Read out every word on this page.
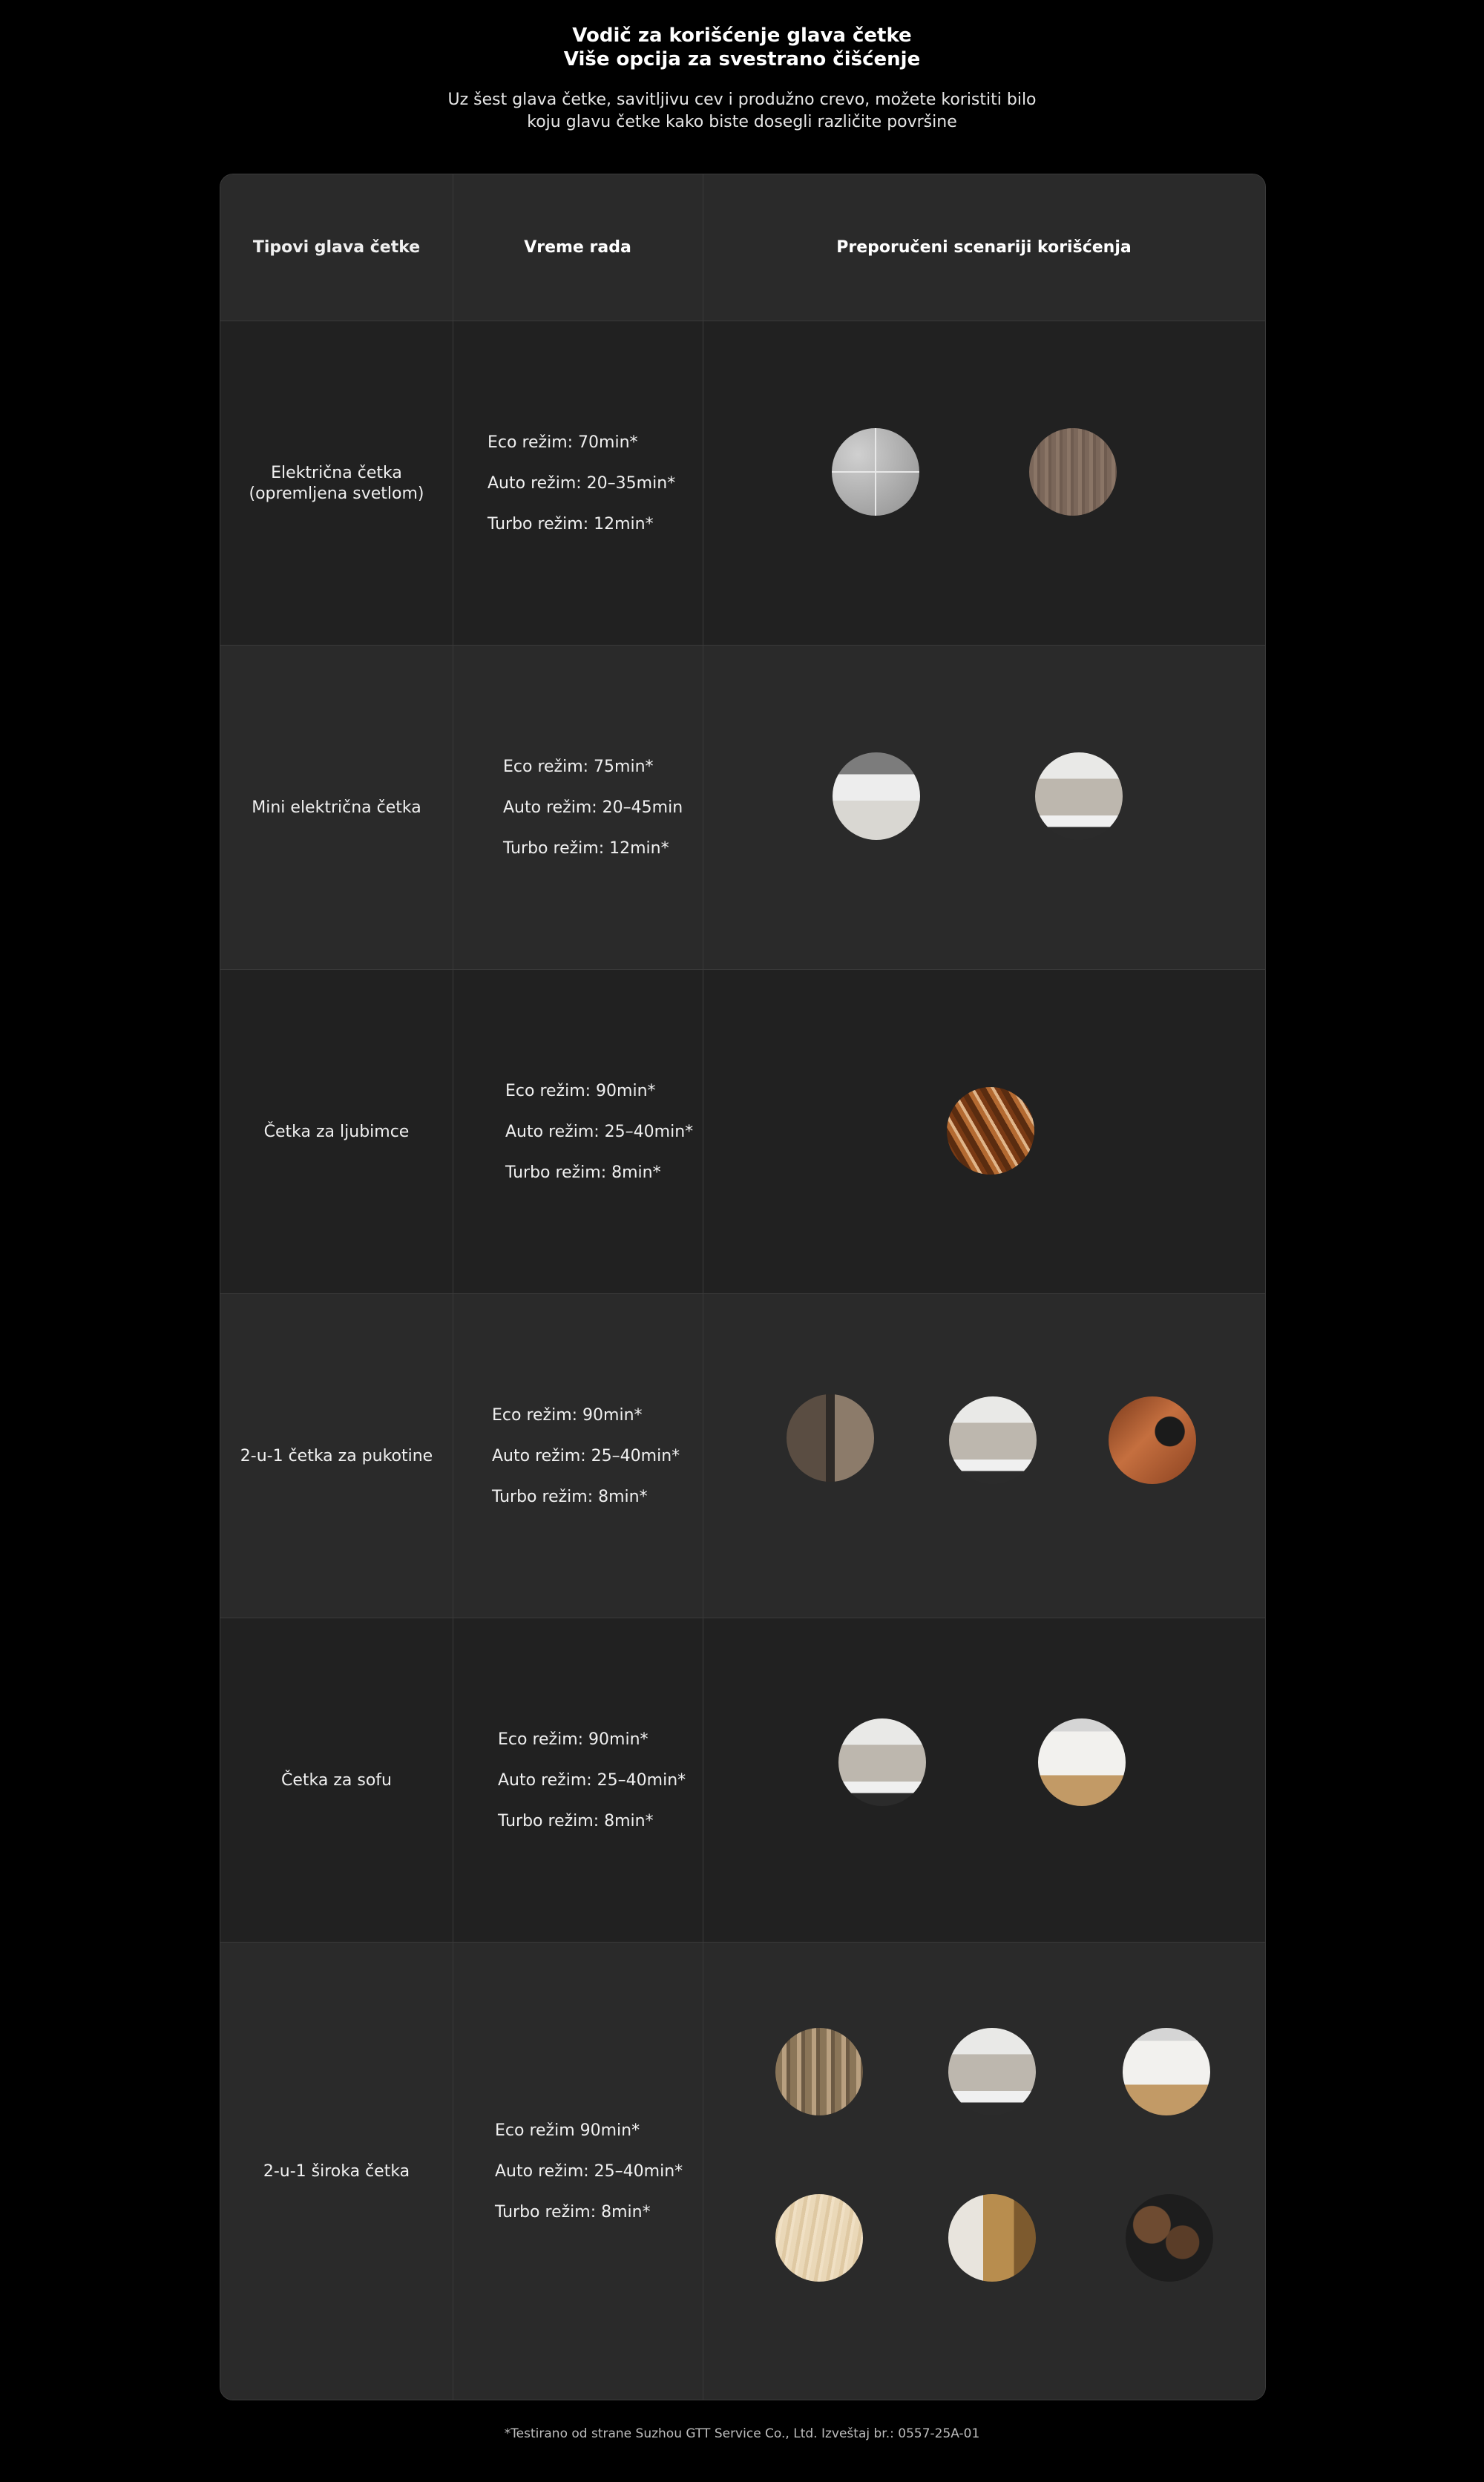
Vodič za korišćenje glava četke
Više opcija za svestrano čišćenje
Uz šest glava četke, savitljivu cev i produžno crevo, možete koristiti bilo
koju glavu četke kako biste dosegli različite površine
Tipovi glava četke	Vreme rada	Preporučeni scenariji korišćenja
Električna četka
(opremljena svetlom)
Eco režim: 70min*
Auto režim: 20–35min*
Turbo režim: 12min*
Mini električna četka
Eco režim: 75min*
Auto režim: 20–45min
Turbo režim: 12min*
Četka za ljubimce
Eco režim: 90min*
Auto režim: 25–40min*
Turbo režim: 8min*
2-u-1 četka za pukotine
Eco režim: 90min*
Auto režim: 25–40min*
Turbo režim: 8min*
Četka za sofu
Eco režim: 90min*
Auto režim: 25–40min*
Turbo režim: 8min*
2-u-1 široka četka
Eco režim 90min*
Auto režim: 25–40min*
Turbo režim: 8min*
*Testirano od strane Suzhou GTT Service Co., Ltd. Izveštaj br.: 0557-25A-01
